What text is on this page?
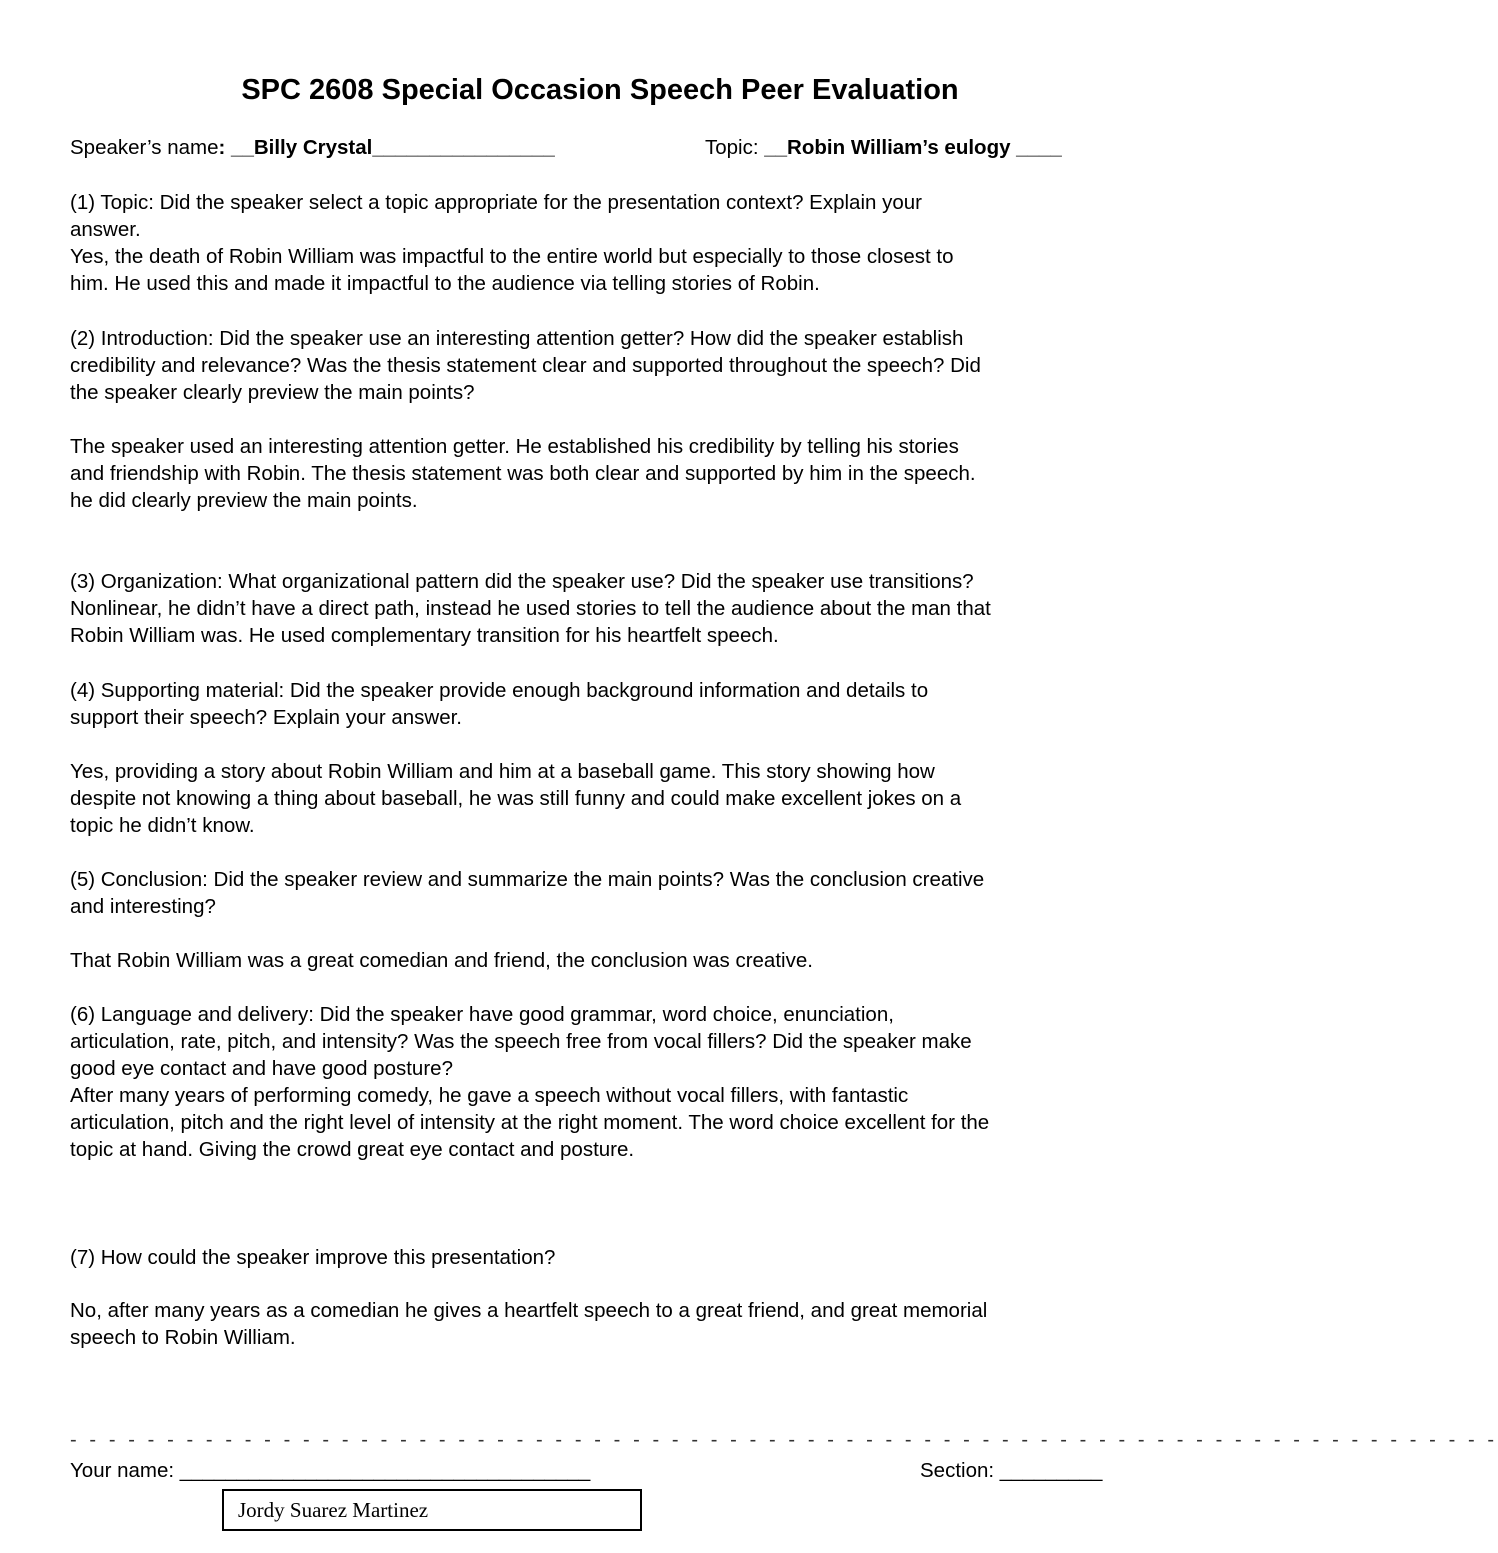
SPC 2608 Special Occasion Speech Peer Evaluation
Speaker’s name: __Billy Crystal________________	Topic: __Robin William’s eulogy ____
(1) Topic: Did the speaker select a topic appropriate for the presentation context? Explain your
answer.
Yes, the death of Robin William was impactful to the entire world but especially to those closest to
him. He used this and made it impactful to the audience via telling stories of Robin.
(2) Introduction: Did the speaker use an interesting attention getter? How did the speaker establish
credibility and relevance? Was the thesis statement clear and supported throughout the speech? Did
the speaker clearly preview the main points?
The speaker used an interesting attention getter. He established his credibility by telling his stories
and friendship with Robin. The thesis statement was both clear and supported by him in the speech.
he did clearly preview the main points.
(3) Organization: What organizational pattern did the speaker use? Did the speaker use transitions?
Nonlinear, he didn’t have a direct path, instead he used stories to tell the audience about the man that
Robin William was. He used complementary transition for his heartfelt speech.
(4) Supporting material: Did the speaker provide enough background information and details to
support their speech? Explain your answer.
Yes, providing a story about Robin William and him at a baseball game. This story showing how
despite not knowing a thing about baseball, he was still funny and could make excellent jokes on a
topic he didn’t know.
(5) Conclusion: Did the speaker review and summarize the main points? Was the conclusion creative
and interesting?
That Robin William was a great comedian and friend, the conclusion was creative.
(6) Language and delivery: Did the speaker have good grammar, word choice, enunciation,
articulation, rate, pitch, and intensity? Was the speech free from vocal fillers? Did the speaker make
good eye contact and have good posture?
After many years of performing comedy, he gave a speech without vocal fillers, with fantastic
articulation, pitch and the right level of intensity at the right moment. The word choice excellent for the
topic at hand. Giving the crowd great eye contact and posture.
(7) How could the speaker improve this presentation?
No, after many years as a comedian he gives a heartfelt speech to a great friend, and great memorial
speech to Robin William.
- - - - - - - - - - - - - - - - - - - - - - - - - - - - - - - - - - - - - - - - - - - - - - - - - - - - - - - - - - - - - - - - - - - - - - - - - -
Your name: ____________________________________	Section: _________
Jordy Suarez Martinez
